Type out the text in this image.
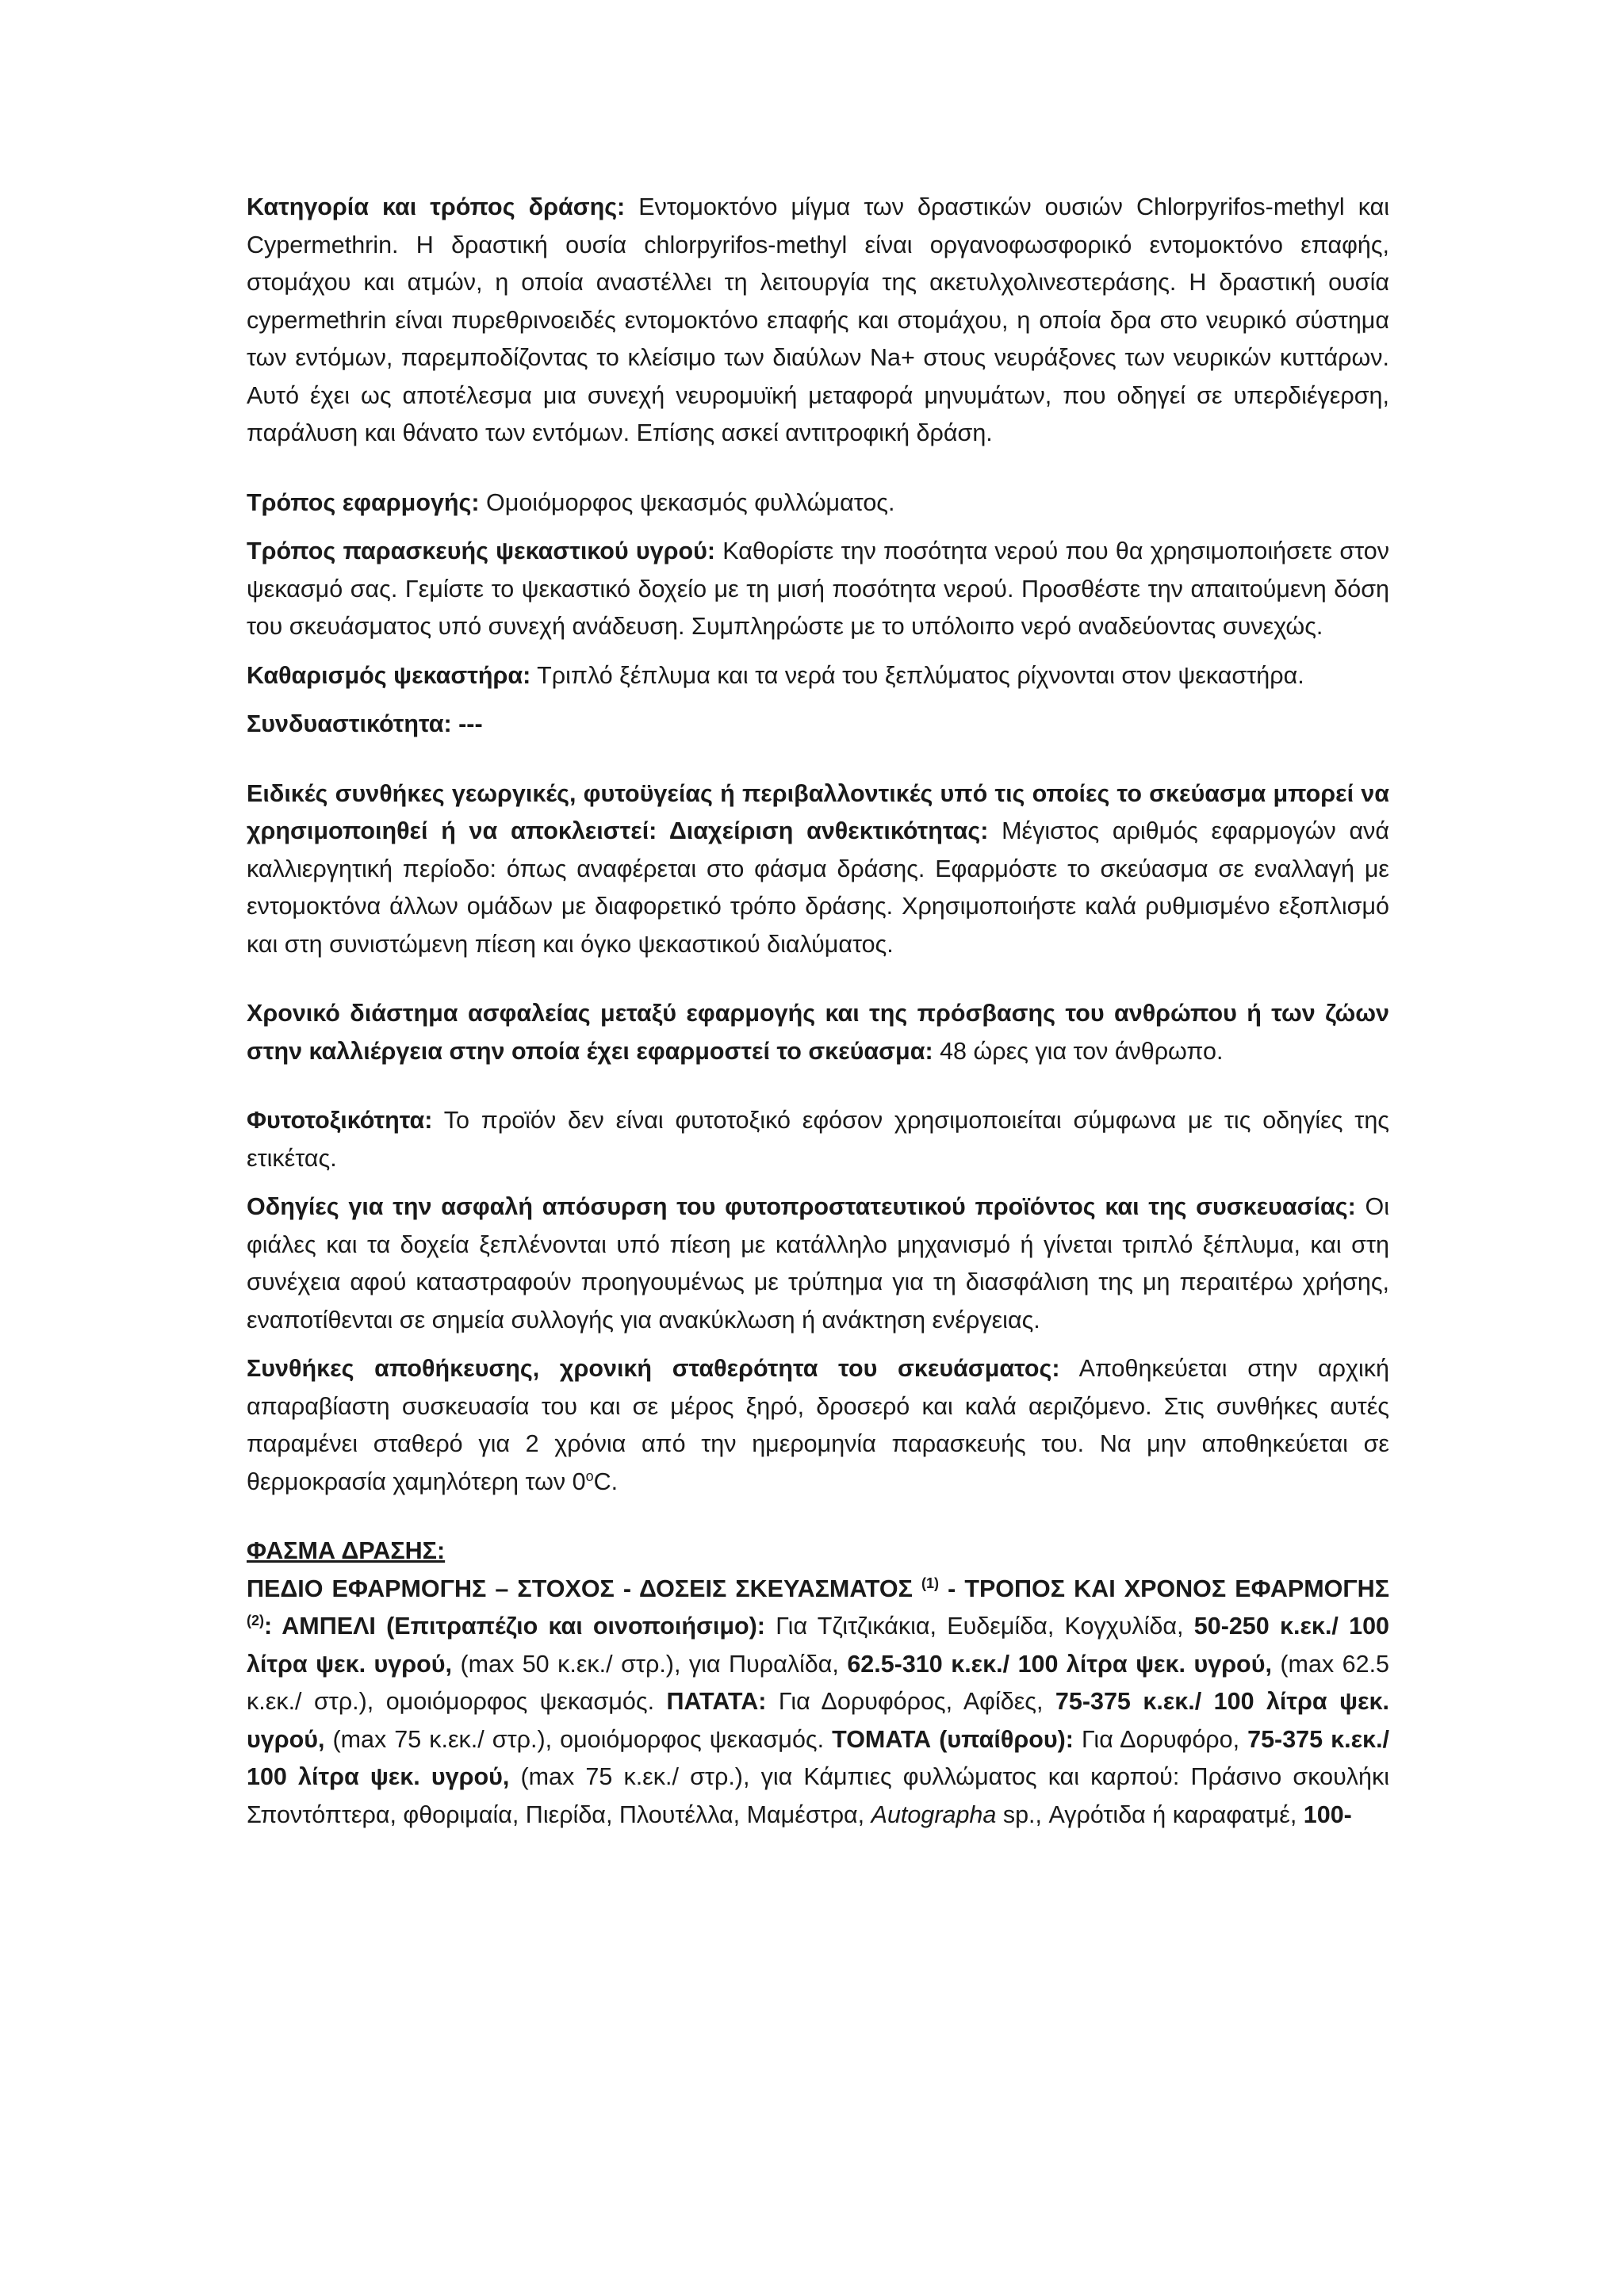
Κατηγορία και τρόπος δράσης: Εντομοκτόνο μίγμα των δραστικών ουσιών Chlorpyrifos-methyl και Cypermethrin. Η δραστική ουσία chlorpyrifos-methyl είναι οργανοφωσφορικό εντομοκτόνο επαφής, στομάχου και ατμών, η οποία αναστέλλει τη λειτουργία της ακετυλχολινεστεράσης. Η δραστική ουσία cypermethrin είναι πυρεθρινοειδές εντομοκτόνο επαφής και στομάχου, η οποία δρα στο νευρικό σύστημα των εντόμων, παρεμποδίζοντας το κλείσιμο των διαύλων Na+ στους νευράξονες των νευρικών κυττάρων. Αυτό έχει ως αποτέλεσμα μια συνεχή νευρομυϊκή μεταφορά μηνυμάτων, που οδηγεί σε υπερδιέγερση, παράλυση και θάνατο των εντόμων. Επίσης ασκεί αντιτροφική δράση.

Τρόπος εφαρμογής: Ομοιόμορφος ψεκασμός φυλλώματος.

Τρόπος παρασκευής ψεκαστικού υγρού: Καθορίστε την ποσότητα νερού που θα χρησιμοποιήσετε στον ψεκασμό σας. Γεμίστε το ψεκαστικό δοχείο με τη μισή ποσότητα νερού. Προσθέστε την απαιτούμενη δόση του σκευάσματος υπό συνεχή ανάδευση. Συμπληρώστε με το υπόλοιπο νερό αναδεύοντας συνεχώς.

Καθαρισμός ψεκαστήρα: Τριπλό ξέπλυμα και τα νερά του ξεπλύματος ρίχνονται στον ψεκαστήρα.

Συνδυαστικότητα: ---

Ειδικές συνθήκες γεωργικές, φυτοϋγείας ή περιβαλλοντικές υπό τις οποίες το σκεύασμα μπορεί να χρησιμοποιηθεί ή να αποκλειστεί: Διαχείριση ανθεκτικότητας: Μέγιστος αριθμός εφαρμογών ανά καλλιεργητική περίοδο: όπως αναφέρεται στο φάσμα δράσης. Εφαρμόστε το σκεύασμα σε εναλλαγή με εντομοκτόνα άλλων ομάδων με διαφορετικό τρόπο δράσης. Χρησιμοποιήστε καλά ρυθμισμένο εξοπλισμό και στη συνιστώμενη πίεση και όγκο ψεκαστικού διαλύματος.

Χρονικό διάστημα ασφαλείας μεταξύ εφαρμογής και της πρόσβασης του ανθρώπου ή των ζώων στην καλλιέργεια στην οποία έχει εφαρμοστεί το σκεύασμα: 48 ώρες για τον άνθρωπο.

Φυτοτοξικότητα: Το προϊόν δεν είναι φυτοτοξικό εφόσον χρησιμοποιείται σύμφωνα με τις οδηγίες της ετικέτας.

Οδηγίες για την ασφαλή απόσυρση του φυτοπροστατευτικού προϊόντος και της συσκευασίας: Οι φιάλες και τα δοχεία ξεπλένονται υπό πίεση με κατάλληλο μηχανισμό ή γίνεται τριπλό ξέπλυμα, και στη συνέχεια αφού καταστραφούν προηγουμένως με τρύπημα για τη διασφάλιση της μη περαιτέρω χρήσης, εναποτίθενται σε σημεία συλλογής για ανακύκλωση ή ανάκτηση ενέργειας.

Συνθήκες αποθήκευσης, χρονική σταθερότητα του σκευάσματος: Αποθηκεύεται στην αρχική απαραβίαστη συσκευασία του και σε μέρος ξηρό, δροσερό και καλά αεριζόμενο. Στις συνθήκες αυτές παραμένει σταθερό για 2 χρόνια από την ημερομηνία παρασκευής του. Να μην αποθηκεύεται σε θερμοκρασία χαμηλότερη των $0^oC$.

ΦΑΣΜΑ ΔΡΑΣΗΣ:

ΠΕΔΙΟ ΕΦΑΡΜΟΓΗΣ – ΣΤΟΧΟΣ - ΔΟΣΕΙΣ ΣΚΕΥΑΣΜΑΤΟΣ $^{(1)}$ - ΤΡΟΠΟΣ ΚΑΙ ΧΡΟΝΟΣ ΕΦΑΡΜΟΓΗΣ $^{(2)}$: ΑΜΠΕΛΙ (Επιτραπέζιο και οινοποιήσιμο): Για Τζιτζικάκια, Ευδεμίδα, Κογχυλίδα, 50-250 κ.εκ./ 100 λίτρα ψεκ. υγρού, (max 50 κ.εκ./ στρ.), για Πυραλίδα, 62.5-310 κ.εκ./ 100 λίτρα ψεκ. υγρού, (max 62.5 κ.εκ./ στρ.), ομοιόμορφος ψεκασμός. ΠΑΤΑΤΑ: Για Δορυφόρος, Αφίδες, 75-375 κ.εκ./ 100 λίτρα ψεκ. υγρού, (max 75 κ.εκ./ στρ.), ομοιόμορφος ψεκασμός. ΤΟΜΑΤΑ (υπαίθρου): Για Δορυφόρο, 75-375 κ.εκ./ 100 λίτρα ψεκ. υγρού, (max 75 κ.εκ./ στρ.), για Κάμπιες φυλλώματος και καρπού: Πράσινο σκουλήκι Σποντόπτερα, φθοριμαία, Πιερίδα, Πλουτέλλα, Μαμέστρα, Autographa sp., Αγρότιδα ή καραφατμέ, 100-
